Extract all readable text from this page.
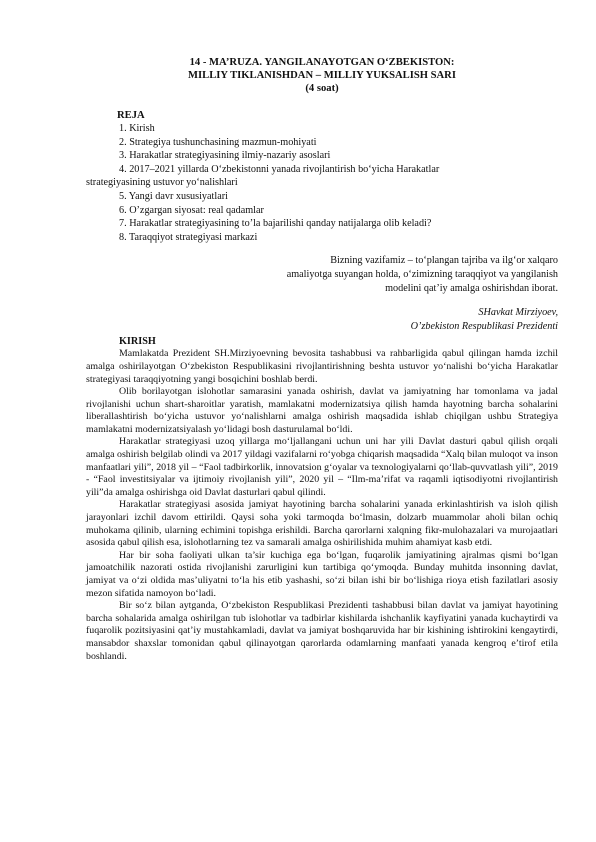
14 - MA’RUZA. YANGILANAYOTGAN O‘ZBEKISTON:
MILLIY TIKLANISHDAN – MILLIY YUKSALISH SARI
(4 soat)
REJA
1. Kirish
2. Strategiya tushunchasining mazmun-mohiyati
3. Harakatlar strategiyasining ilmiy-nazariy asoslari
4. 2017–2021 yillarda O‘zbekistonni yanada rivojlantirish bo‘yicha Harakatlar
strategiyasining ustuvor yo‘nalishlari
5. Yangi davr xususiyatlari
6. O’zgargan siyosat: real qadamlar
7. Harakatlar strategiyasining to’la bajarilishi qanday natijalarga olib keladi?
8. Taraqqiyot strategiyasi markazi
Bizning vazifamiz – to‘plangan tajriba va ilg‘or xalqaro
amaliyotga suyangan holda, o‘zimizning taraqqiyot va yangilanish
modelini qat’iy amalga oshirishdan iborat.
SHavkat Mirziyoev,
O’zbekiston Respublikasi Prezidenti
KIRISH

Mamlakatda Prezident SH.Mirziyoevning bevosita tashabbusi va rahbarligida qabul qilingan hamda izchil amalga oshirilayotgan O‘zbekiston Respublikasini rivojlantirishning beshta ustuvor yo‘nalishi bo‘yicha Harakatlar strategiyasi taraqqiyotning yangi bosqichini boshlab berdi.

Olib borilayotgan islohotlar samarasini yanada oshirish, davlat va jamiyatning har tomonlama va jadal rivojlanishi uchun shart-sharoitlar yaratish, mamlakatni modernizatsiya qilish hamda hayotning barcha sohalarini liberallashtirish bo‘yicha ustuvor yo‘nalishlarni amalga oshirish maqsadida ishlab chiqilgan ushbu Strategiya mamlakatni modernizatsiyalash yo‘lidagi bosh dasturulamal bo‘ldi.

Harakatlar strategiyasi uzoq yillarga mo‘ljallangani uchun uni har yili Davlat dasturi qabul qilish orqali amalga oshirish belgilab olindi va 2017 yildagi vazifalarni ro‘yobga chiqarish maqsadida “Xalq bilan muloqot va inson manfaatlari yili”, 2018 yil – “Faol tadbirkorlik, innovatsion g‘oyalar va texnologiyalarni qo‘llab-quvvatlash yili”, 2019 - “Faol investitsiyalar va ijtimoiy rivojlanish yili”, 2020 yil – “Ilm-ma’rifat va raqamli iqtisodiyotni rivojlantirish yili”da amalga oshirishga oid Davlat dasturlari qabul qilindi.

Harakatlar strategiyasi asosida jamiyat hayotining barcha sohalarini yanada erkinlashtirish va isloh qilish jarayonlari izchil davom ettirildi. Qaysi soha yoki tarmoqda bo‘lmasin, dolzarb muammolar aholi bilan ochiq muhokama qilinib, ularning echimini topishga erishildi. Barcha qarorlarni xalqning fikr-mulohazalari va murojaatlari asosida qabul qilish esa, islohotlarning tez va samarali amalga oshirilishida muhim ahamiyat kasb etdi.

Har bir soha faoliyati ulkan ta’sir kuchiga ega bo‘lgan, fuqarolik jamiyatining ajralmas qismi bo‘lgan jamoatchilik nazorati ostida rivojlanishi zarurligini kun tartibiga qo‘ymoqda. Bunday muhitda insonning davlat, jamiyat va o‘zi oldida mas’uliyatni to‘la his etib yashashi, so‘zi bilan ishi bir bo‘lishiga rioya etish fazilatlari asosiy mezon sifatida namoyon bo‘ladi.

Bir so‘z bilan aytganda, O‘zbekiston Respublikasi Prezidenti tashabbusi bilan davlat va jamiyat hayotining barcha sohalarida amalga oshirilgan tub islohotlar va tadbirlar kishilarda ishchanlik kayfiyatini yanada kuchaytirdi va fuqarolik pozitsiyasini qat’iy mustahkamladi, davlat va jamiyat boshqaruvida har bir kishining ishtirokini kengaytirdi, mansabdor shaxslar tomonidan qabul qilinayotgan qarorlarda odamlarning manfaati yanada kengroq e’tirof etila boshlandi.
